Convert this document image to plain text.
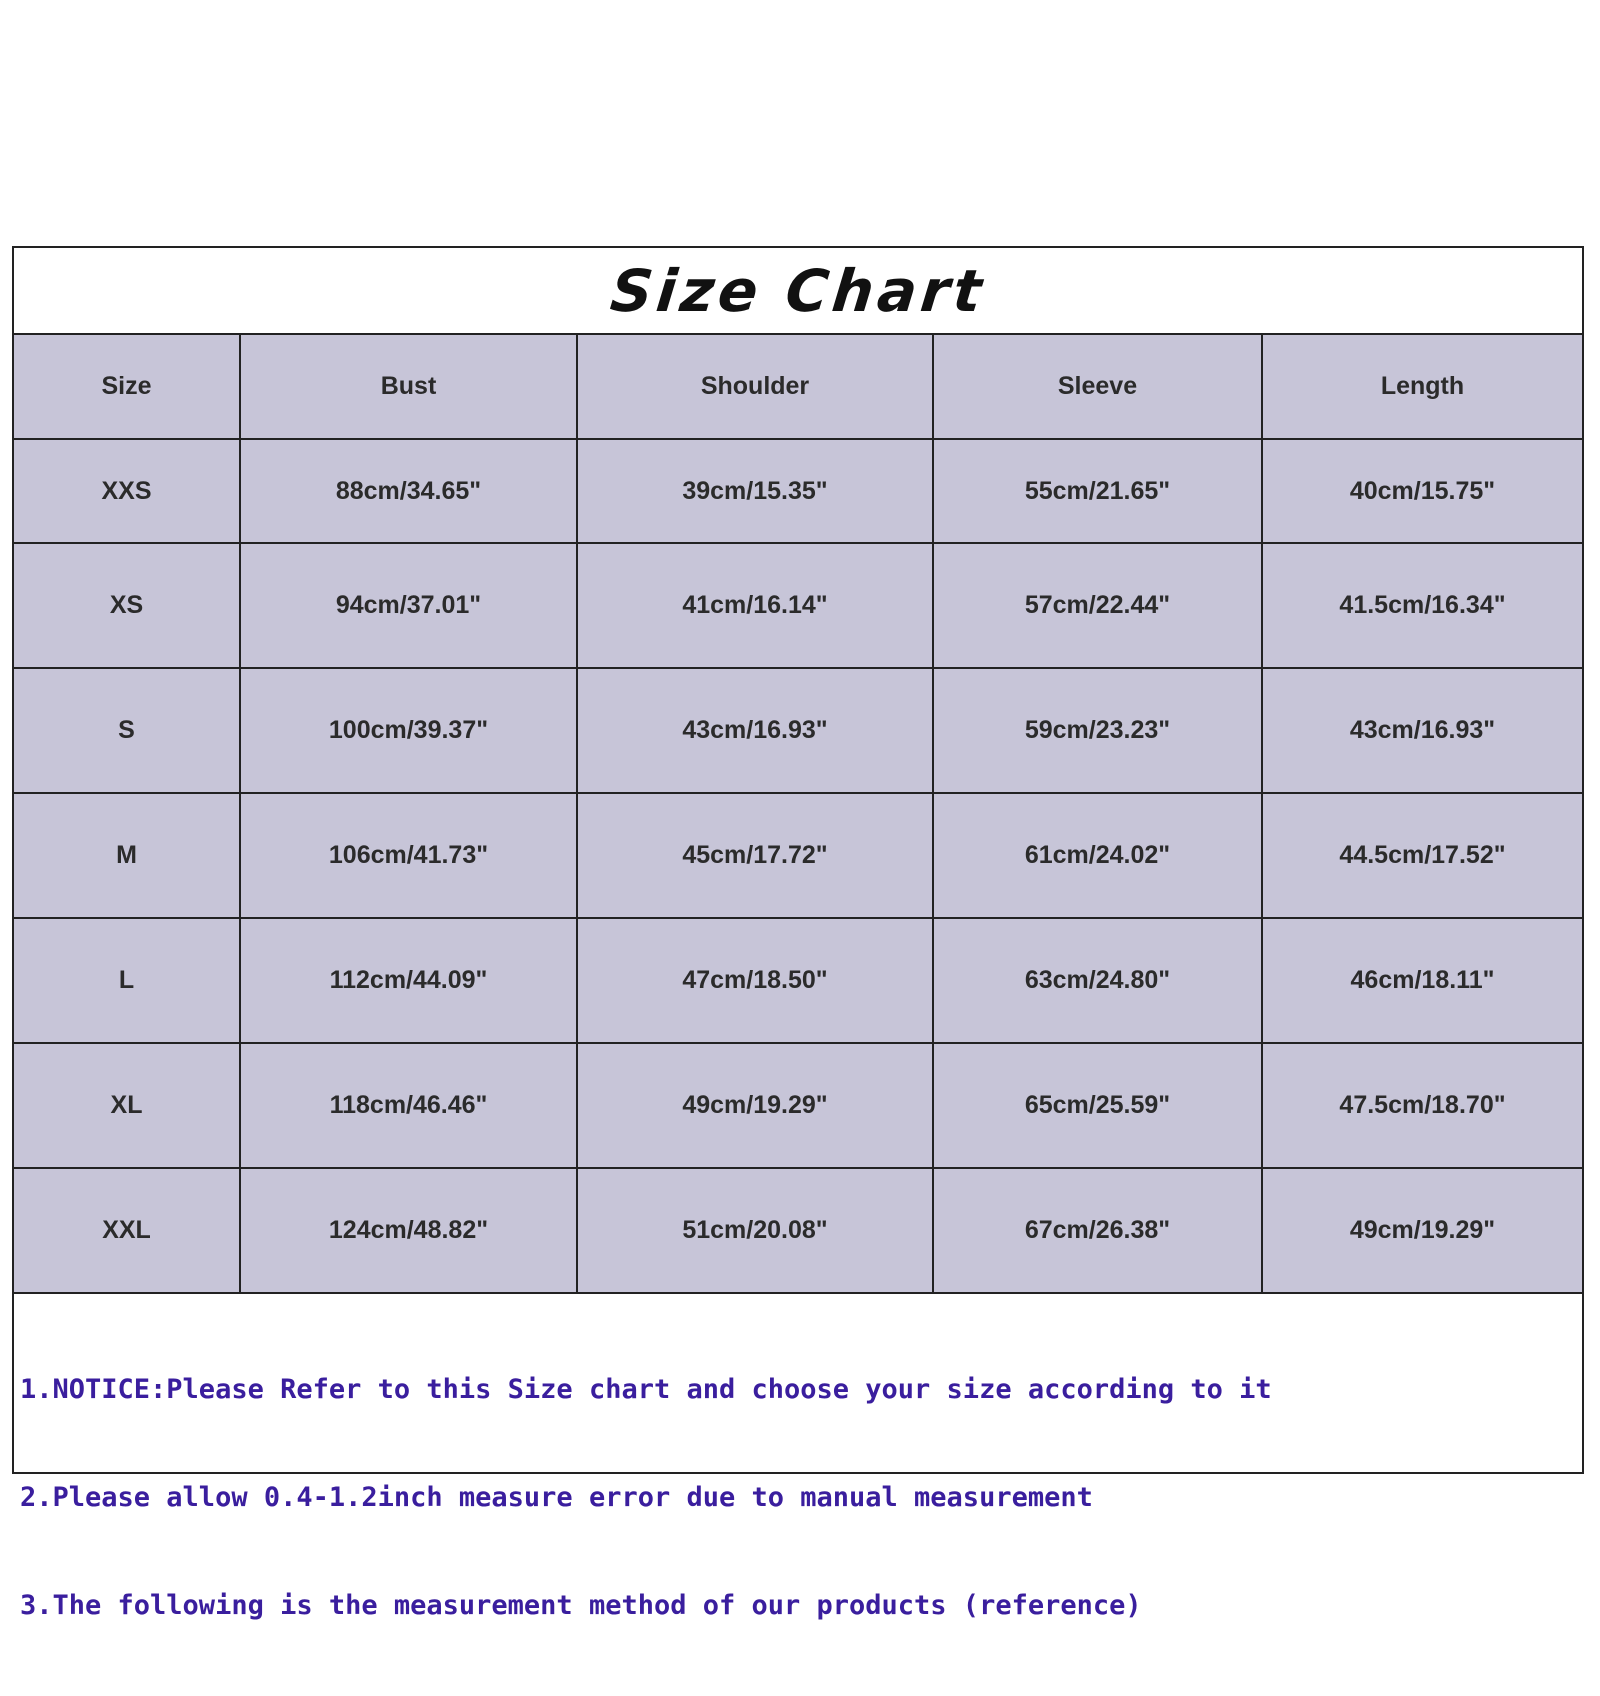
Size Chart
Size	Bust	Shoulder	Sleeve	Length
XXS	88cm/34.65"	39cm/15.35"	55cm/21.65"	40cm/15.75"
XS	94cm/37.01"	41cm/16.14"	57cm/22.44"	41.5cm/16.34"
S	100cm/39.37"	43cm/16.93"	59cm/23.23"	43cm/16.93"
M	106cm/41.73"	45cm/17.72"	61cm/24.02"	44.5cm/17.52"
L	112cm/44.09"	47cm/18.50"	63cm/24.80"	46cm/18.11"
XL	118cm/46.46"	49cm/19.29"	65cm/25.59"	47.5cm/18.70"
XXL	124cm/48.82"	51cm/20.08"	67cm/26.38"	49cm/19.29"

1.NOTICE:Please Refer to this Size chart and choose your size according to it

2.Please allow 0.4-1.2inch measure error due to manual measurement

3.The following is the measurement method of our products (reference)
